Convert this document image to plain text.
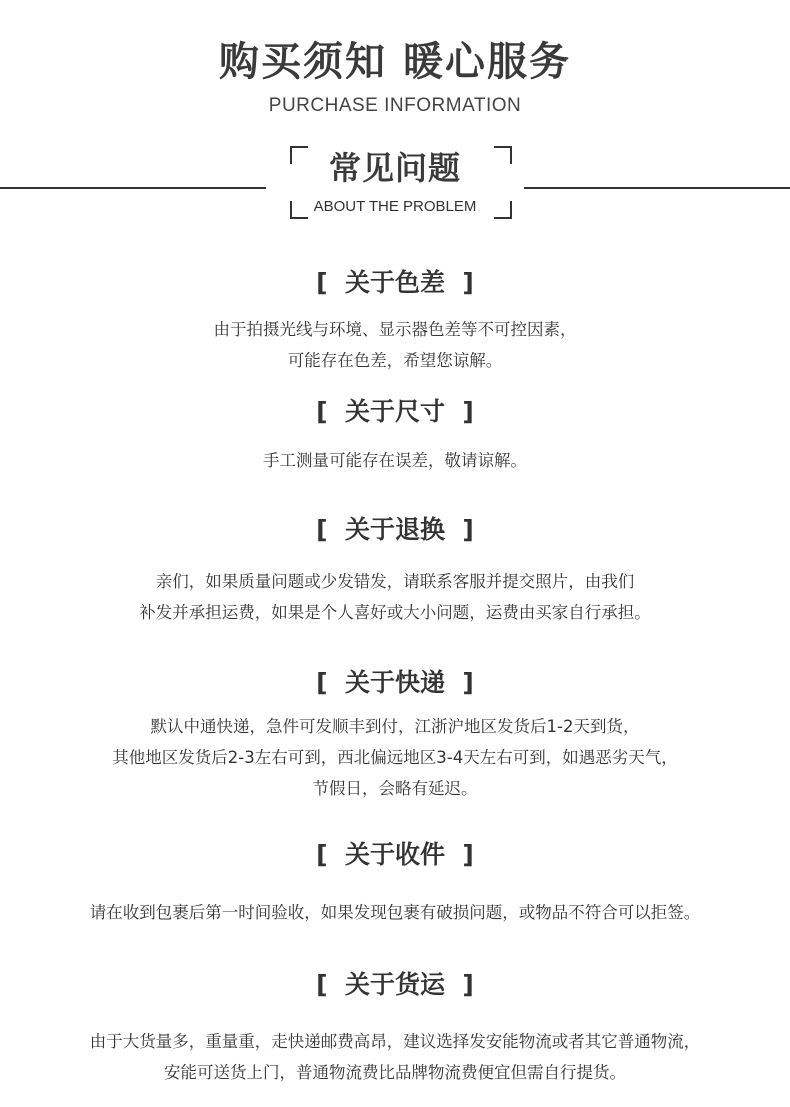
购买须知 暖心服务
PURCHASE INFORMATION
常见问题
ABOUT THE PROBLEM
[  关于色差  ]
由于拍摄光线与环境、显示器色差等不可控因素，
可能存在色差，希望您谅解。
[  关于尺寸  ]
手工测量可能存在误差，敬请谅解。
[  关于退换  ]
亲们，如果质量问题或少发错发，请联系客服并提交照片，由我们
补发并承担运费，如果是个人喜好或大小问题，运费由买家自行承担。
[  关于快递  ]
默认中通快递，急件可发顺丰到付，江浙沪地区发货后1-2天到货，
其他地区发货后2-3左右可到，西北偏远地区3-4天左右可到，如遇恶劣天气，
节假日，会略有延迟。
[  关于收件  ]
请在收到包裹后第一时间验收，如果发现包裹有破损问题，或物品不符合可以拒签。
[  关于货运  ]
由于大货量多，重量重，走快递邮费高昂，建议选择发安能物流或者其它普通物流，
安能可送货上门，普通物流费比品牌物流费便宜但需自行提货。
